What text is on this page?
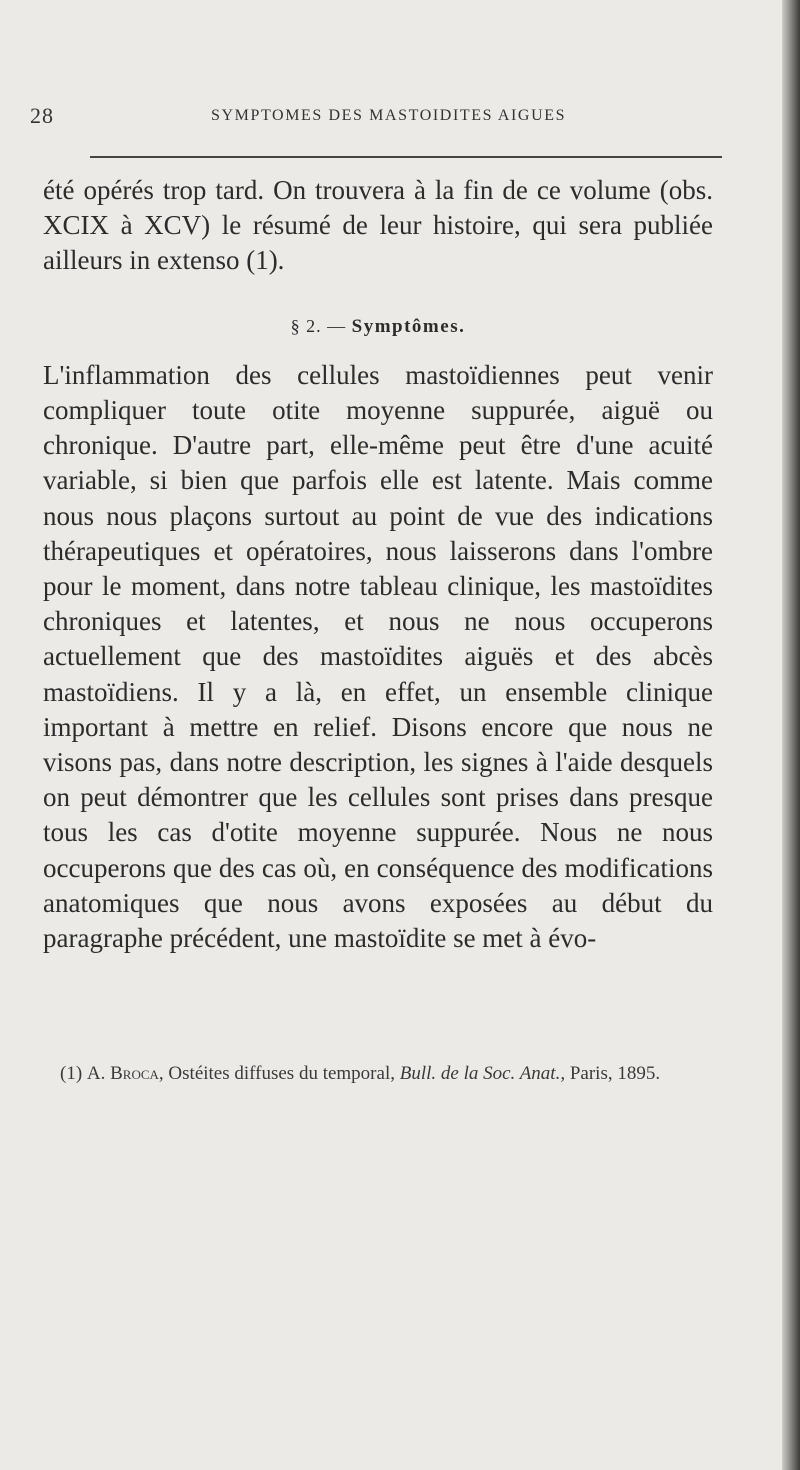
28	SYMPTOMES DES MASTOIDITES AIGUES

été opérés trop tard. On trouvera à la fin de ce volume (obs. XCIX à XCV) le résumé de leur histoire, qui sera publiée ailleurs in extenso (1).

§ 2. — Symptômes.

L'inflammation des cellules mastoïdiennes peut venir compliquer toute otite moyenne suppurée, aiguë ou chronique. D'autre part, elle-même peut être d'une acuité variable, si bien que parfois elle est latente. Mais comme nous nous plaçons surtout au point de vue des indications thérapeutiques et opératoires, nous laisserons dans l'ombre pour le moment, dans notre tableau clinique, les mastoïdites chroniques et latentes, et nous ne nous occuperons actuellement que des mastoïdites aiguës et des abcès mastoïdiens. Il y a là, en effet, un ensemble clinique important à mettre en relief. Disons encore que nous ne visons pas, dans notre description, les signes à l'aide desquels on peut démontrer que les cellules sont prises dans presque tous les cas d'otite moyenne suppurée. Nous ne nous occuperons que des cas où, en conséquence des modifications anatomiques que nous avons exposées au début du paragraphe précédent, une mastoïdite se met à évo-

(1) A. Broca, Ostéites diffuses du temporal, Bull. de la Soc. Anat., Paris, 1895.
